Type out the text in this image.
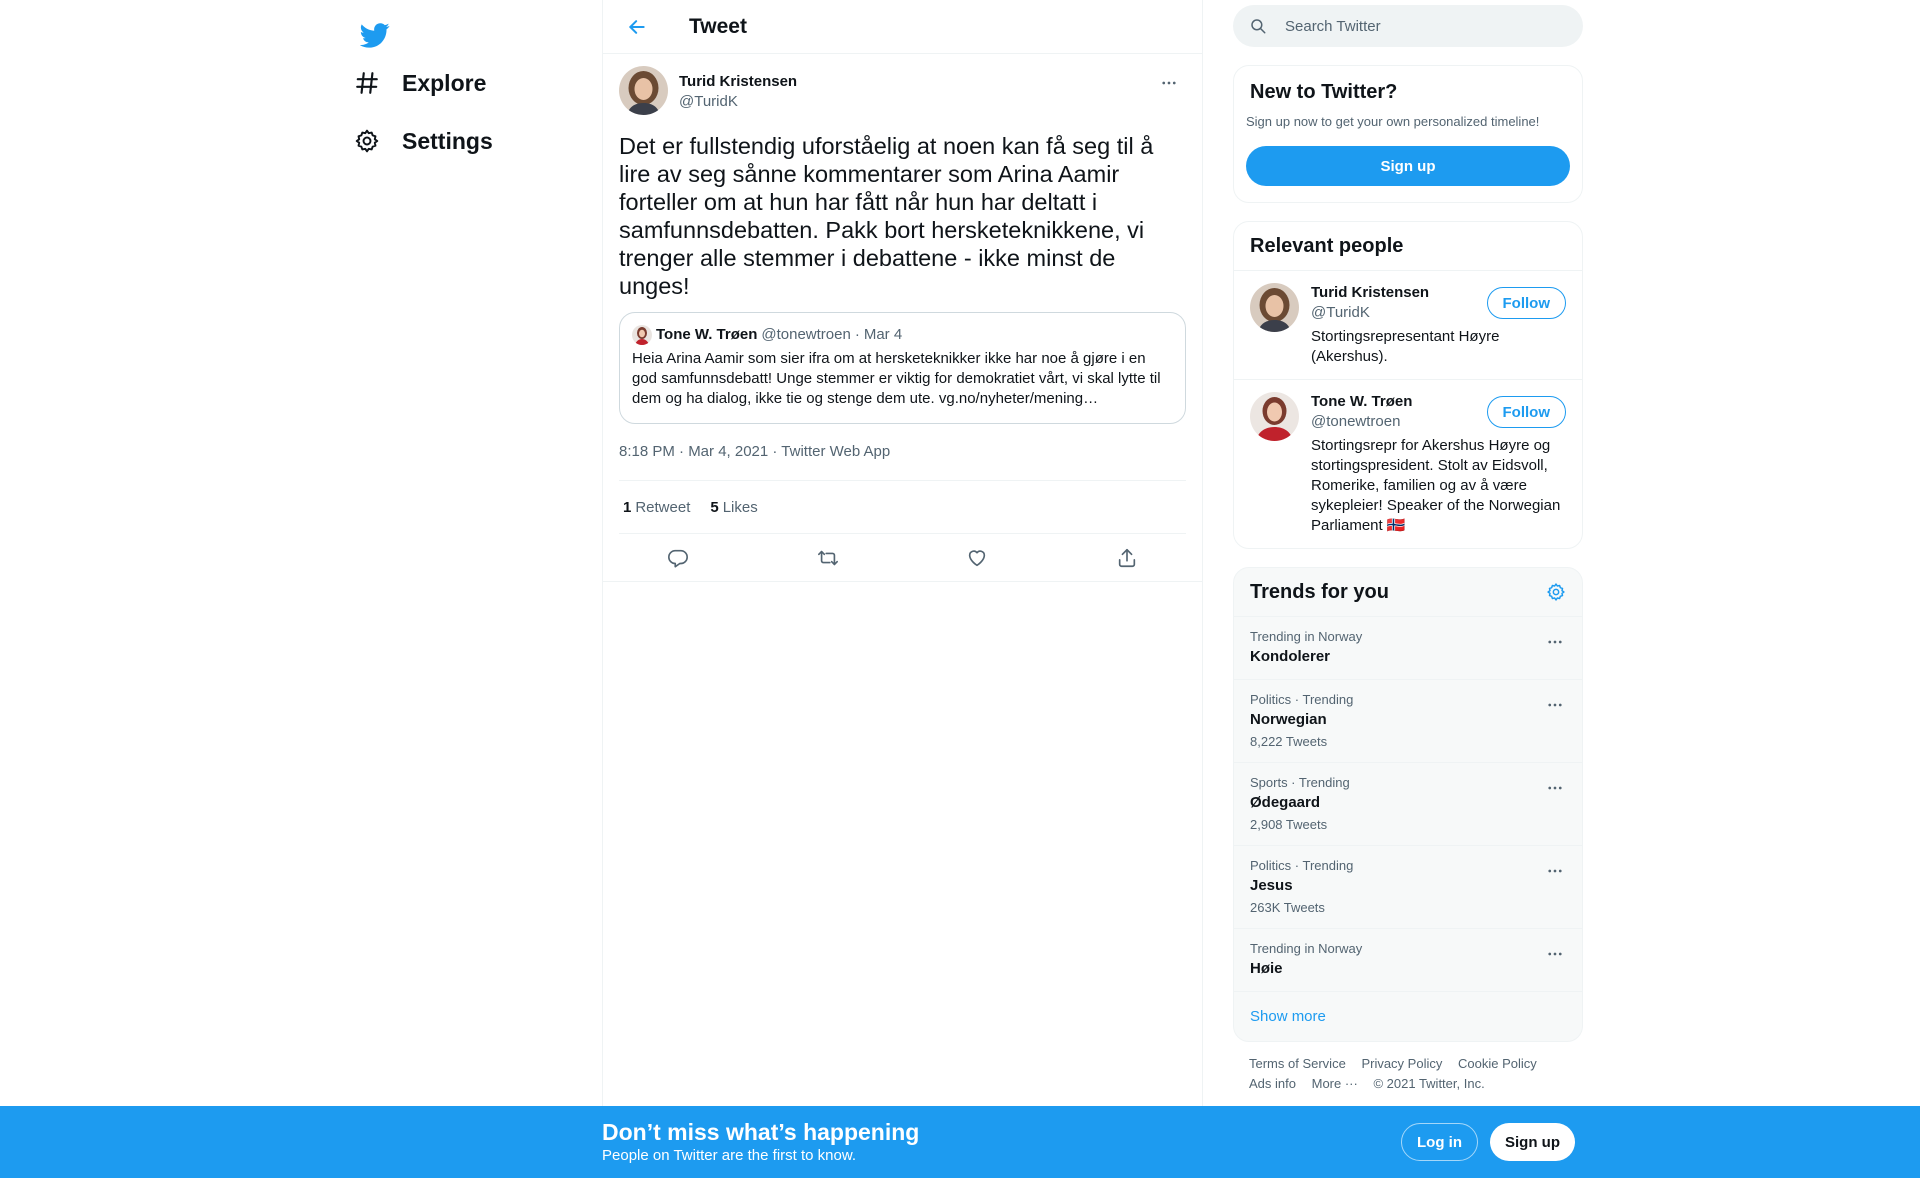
Explore
Settings
Tweet
Turid Kristensen
@TuridK
Det er fullstendig uforståelig at noen kan få seg til å lire av seg sånne kommentarer som Arina Aamir forteller om at hun har fått når hun har deltatt i samfunnsdebatten. Pakk bort hersketeknikkene, vi trenger alle stemmer i debattene - ikke minst de unges!
Tone W. Trøen @tonewtroen · Mar 4
Heia Arina Aamir som sier ifra om at hersketeknikker ikke har noe å gjøre i en god samfunnsdebatt! Unge stemmer er viktig for demokratiet vårt, vi skal lytte til dem og ha dialog, ikke tie og stenge dem ute. vg.no/nyheter/mening…
8:18 PM · Mar 4, 2021 · Twitter Web App
1 Retweet 5 Likes
Search Twitter
New to Twitter?
Sign up now to get your own personalized timeline!
Sign up
Relevant people
Turid Kristensen
@TuridK
Stortingsrepresentant Høyre (Akershus).
Follow
Tone W. Trøen
@tonewtroen
Stortingsrepr for Akershus Høyre og stortingspresident. Stolt av Eidsvoll, Romerike, familien og av å være sykepleier! Speaker of the Norwegian Parliament 🇳🇴
Follow
Trends for you
Trending in Norway
Kondolerer
Politics · Trending
Norwegian
8,222 Tweets
Sports · Trending
Ødegaard
2,908 Tweets
Politics · Trending
Jesus
263K Tweets
Trending in Norway
Høie
Show more
Terms of Service Privacy Policy Cookie Policy
Ads info More ··· © 2021 Twitter, Inc.
Don’t miss what’s happening
People on Twitter are the first to know.
Log in	Sign up
